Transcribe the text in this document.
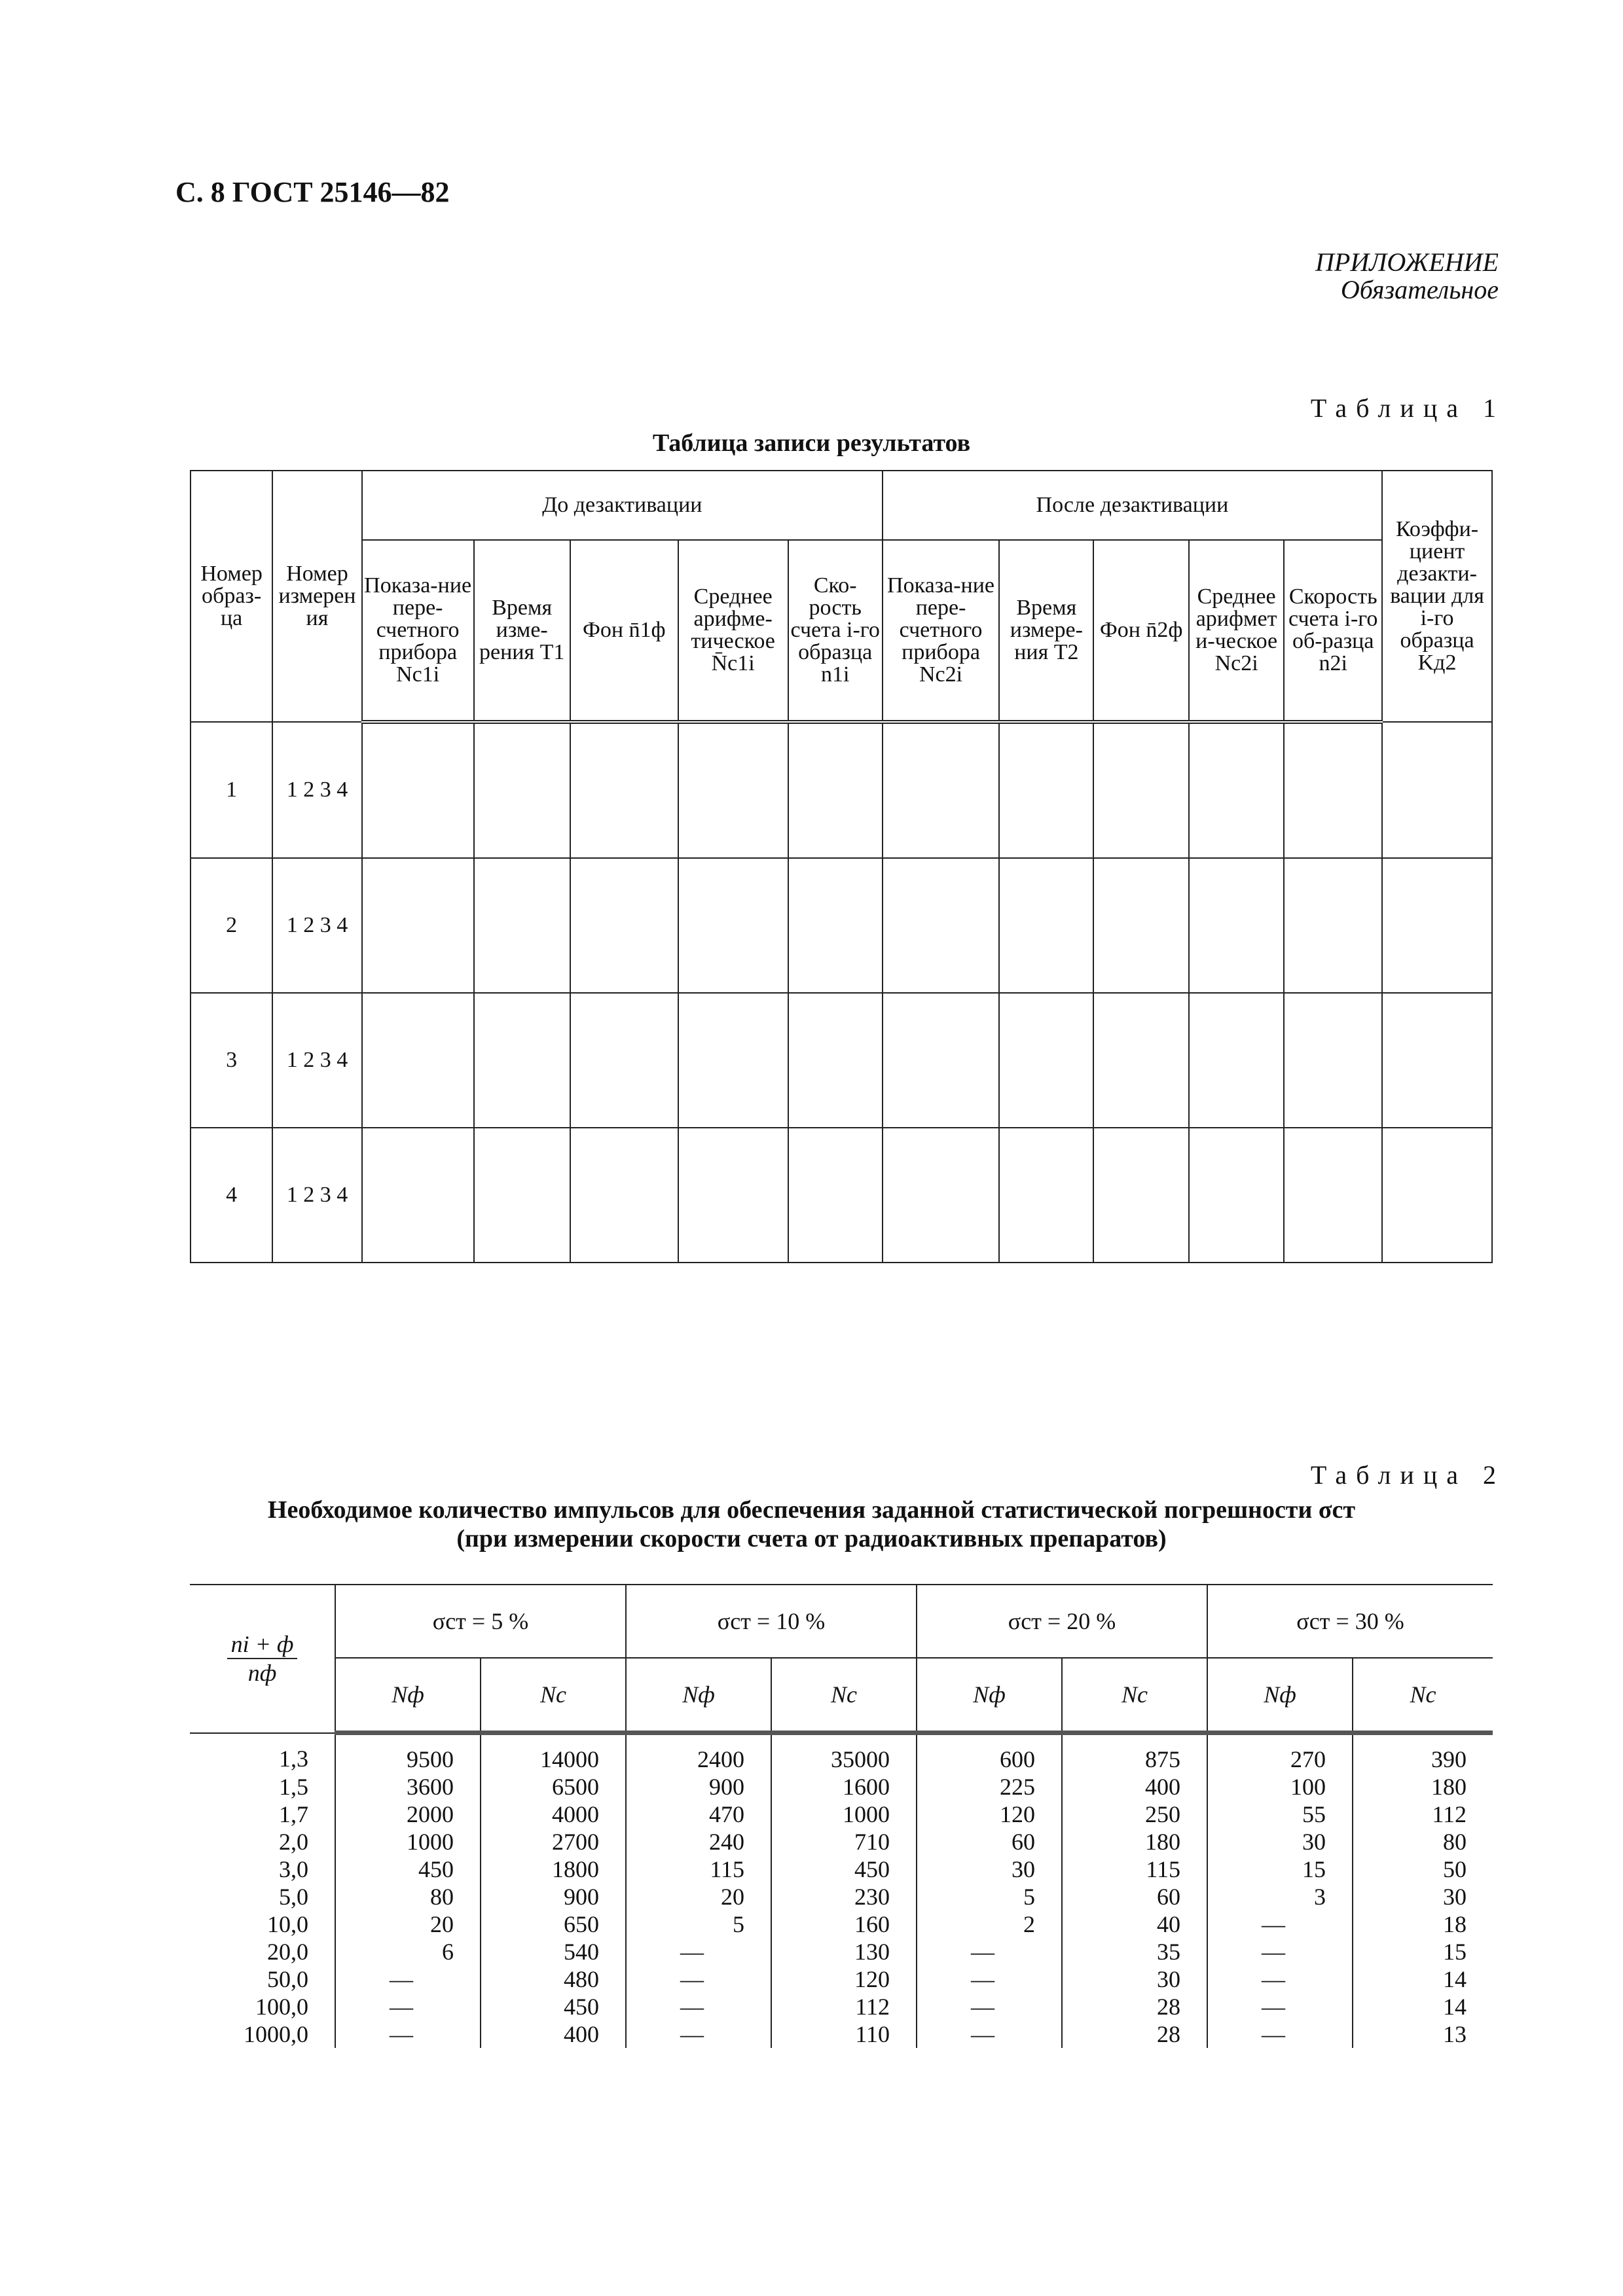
С. 8 ГОСТ 25146—82
ПРИЛОЖЕНИЕ
Обязательное
Таблица 1
Таблица записи результатов
Номер образ-ца	Номер измерен ия	До дезактивации					После дезактивации					Коэффи-циент дезакти-вации для i-го образца Kд2
		Показа-ние пере-счетного прибора Nс1i	Время изме-рения T1	Фон n̄1ф	Среднее арифме-тическое N̄с1i	Ско-рость счета i-го образца n1i	Показа-ние пере-счетного прибора Nс2i	Время измере-ния T2	Фон n̄2ф	Среднее арифмет и-ческое Nс2i	Скорость счета i-го об-разца n2i	
1	1 2 3 4											
2	1 2 3 4											
3	1 2 3 4											
4	1 2 3 4											
Таблица 2
Необходимое количество импульсов для обеспечения заданной статистической погрешности σст
(при измерении скорости счета от радиоактивных препаратов)
$\frac{ni + ф}{nф}$	σст = 5 %		σст = 10 %		σст = 20 %		σст = 30 %	
	Nф	Nс	Nф	Nс	Nф	Nс	Nф	Nс
1,3	9500	14000	2400	35000	600	875	270	390
1,5	3600	6500	900	1600	225	400	100	180
1,7	2000	4000	470	1000	120	250	55	112
2,0	1000	2700	240	710	60	180	30	80
3,0	450	1800	115	450	30	115	15	50
5,0	80	900	20	230	5	60	3	30
10,0	20	650	5	160	2	40	—	18
20,0	6	540	—	130	—	35	—	15
50,0	—	480	—	120	—	30	—	14
100,0	—	450	—	112	—	28	—	14
1000,0	—	400	—	110	—	28	—	13
